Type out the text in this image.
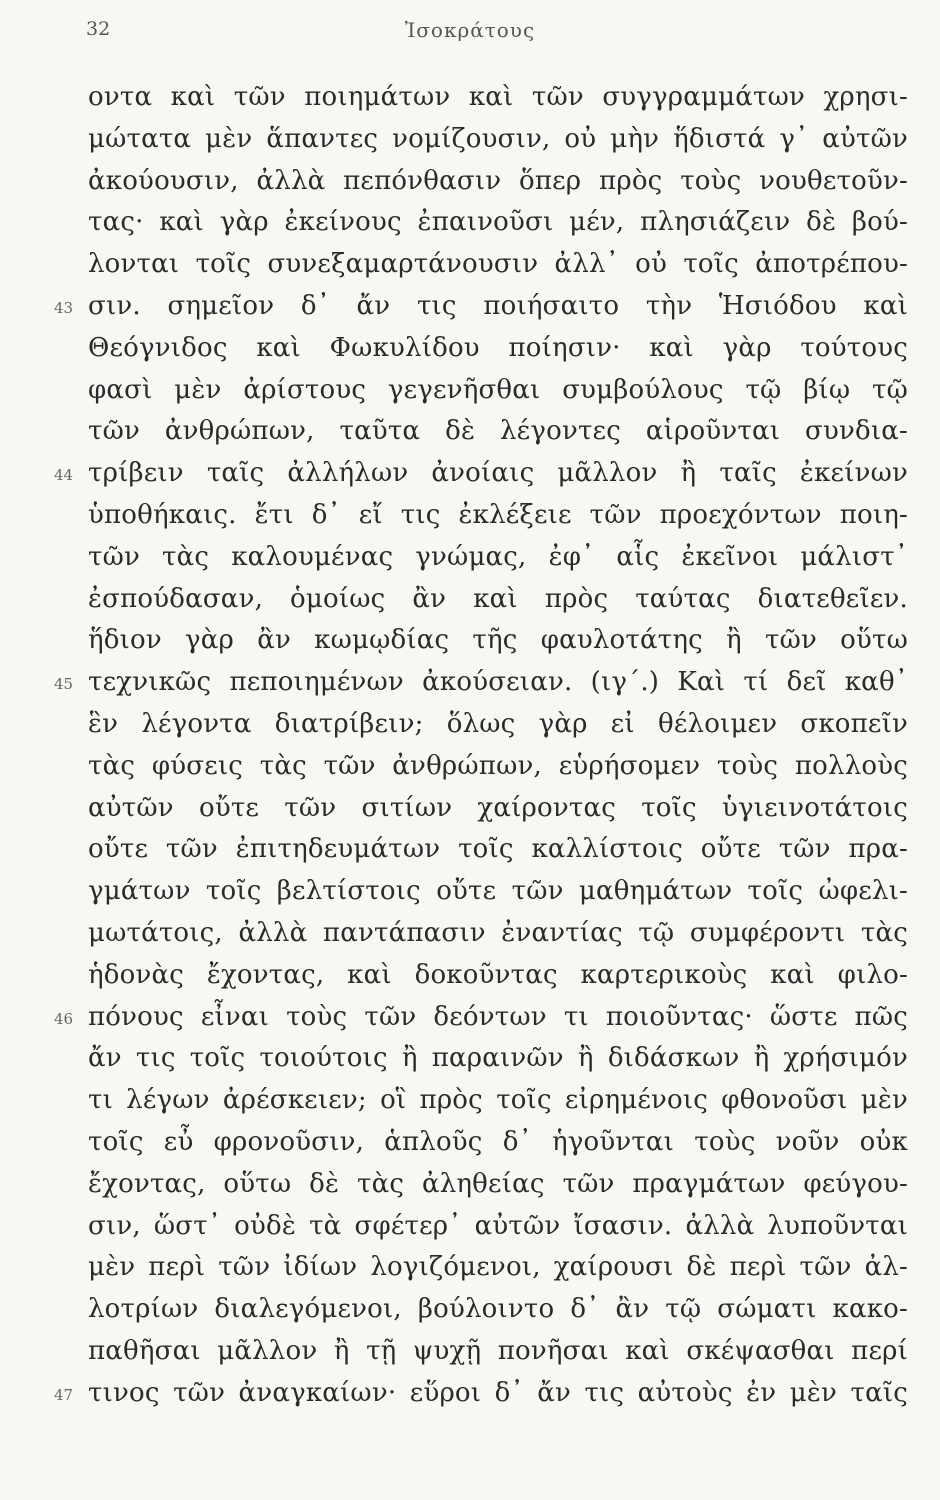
32	Ἰσοκράτους
οντα καὶ τῶν ποιημάτων καὶ τῶν συγγραμμάτων χρησι-
μώτατα μὲν ἅπαντες νομίζουσιν, οὐ μὴν ἥδιστά γ᾽ αὐτῶν
ἀκούουσιν, ἀλλὰ πεπόνθασιν ὅπερ πρὸς τοὺς νουθετοῦν-
τας· καὶ γὰρ ἐκείνους ἐπαινοῦσι μέν, πλησιάζειν δὲ βού-
λονται τοῖς συνεξαμαρτάνουσιν ἀλλ᾽ οὐ τοῖς ἀποτρέπου-
43 σιν. σημεῖον δ᾽ ἄν τις ποιήσαιτο τὴν Ἡσιόδου καὶ
Θεόγνιδος καὶ Φωκυλίδου ποίησιν· καὶ γὰρ τούτους
φασὶ μὲν ἀρίστους γεγενῆσθαι συμβούλους τῷ βίῳ τῷ
τῶν ἀνθρώπων, ταῦτα δὲ λέγοντες αἱροῦνται συνδια-
44 τρίβειν ταῖς ἀλλήλων ἀνοίαις μᾶλλον ἢ ταῖς ἐκείνων
ὑποθήκαις. ἔτι δ᾽ εἴ τις ἐκλέξειε τῶν προεχόντων ποιη-
τῶν τὰς καλουμένας γνώμας, ἐφ᾽ αἷς ἐκεῖνοι μάλιστ᾽
ἐσπούδασαν, ὁμοίως ἂν καὶ πρὸς ταύτας διατεθεῖεν.
ἥδιον γὰρ ἂν κωμῳδίας τῆς φαυλοτάτης ἢ τῶν οὕτω
45 τεχνικῶς πεποιημένων ἀκούσειαν. (ιγ΄.) Καὶ τί δεῖ καθ᾽
ἓν λέγοντα διατρίβειν; ὅλως γὰρ εἰ θέλοιμεν σκοπεῖν
τὰς φύσεις τὰς τῶν ἀνθρώπων, εὑρήσομεν τοὺς πολλοὺς
αὐτῶν οὔτε τῶν σιτίων χαίροντας τοῖς ὑγιεινοτάτοις
οὔτε τῶν ἐπιτηδευμάτων τοῖς καλλίστοις οὔτε τῶν πρα-
γμάτων τοῖς βελτίστοις οὔτε τῶν μαθημάτων τοῖς ὠφελι-
μωτάτοις, ἀλλὰ παντάπασιν ἐναντίας τῷ συμφέροντι τὰς
ἡδονὰς ἔχοντας, καὶ δοκοῦντας καρτερικοὺς καὶ φιλο-
46 πόνους εἶναι τοὺς τῶν δεόντων τι ποιοῦντας· ὥστε πῶς
ἄν τις τοῖς τοιούτοις ἢ παραινῶν ἢ διδάσκων ἢ χρήσιμόν
τι λέγων ἀρέσκειεν; οἳ πρὸς τοῖς εἰρημένοις φθονοῦσι μὲν
τοῖς εὖ φρονοῦσιν, ἁπλοῦς δ᾽ ἡγοῦνται τοὺς νοῦν οὐκ
ἔχοντας, οὕτω δὲ τὰς ἀληθείας τῶν πραγμάτων φεύγου-
σιν, ὥστ᾽ οὐδὲ τὰ σφέτερ᾽ αὐτῶν ἴσασιν. ἀλλὰ λυποῦνται
μὲν περὶ τῶν ἰδίων λογιζόμενοι, χαίρουσι δὲ περὶ τῶν ἀλ-
λοτρίων διαλεγόμενοι, βούλοιντο δ᾽ ἂν τῷ σώματι κακο-
παθῆσαι μᾶλλον ἢ τῇ ψυχῇ πονῆσαι καὶ σκέψασθαι περί
47 τινος τῶν ἀναγκαίων· εὕροι δ᾽ ἄν τις αὐτοὺς ἐν μὲν ταῖς
